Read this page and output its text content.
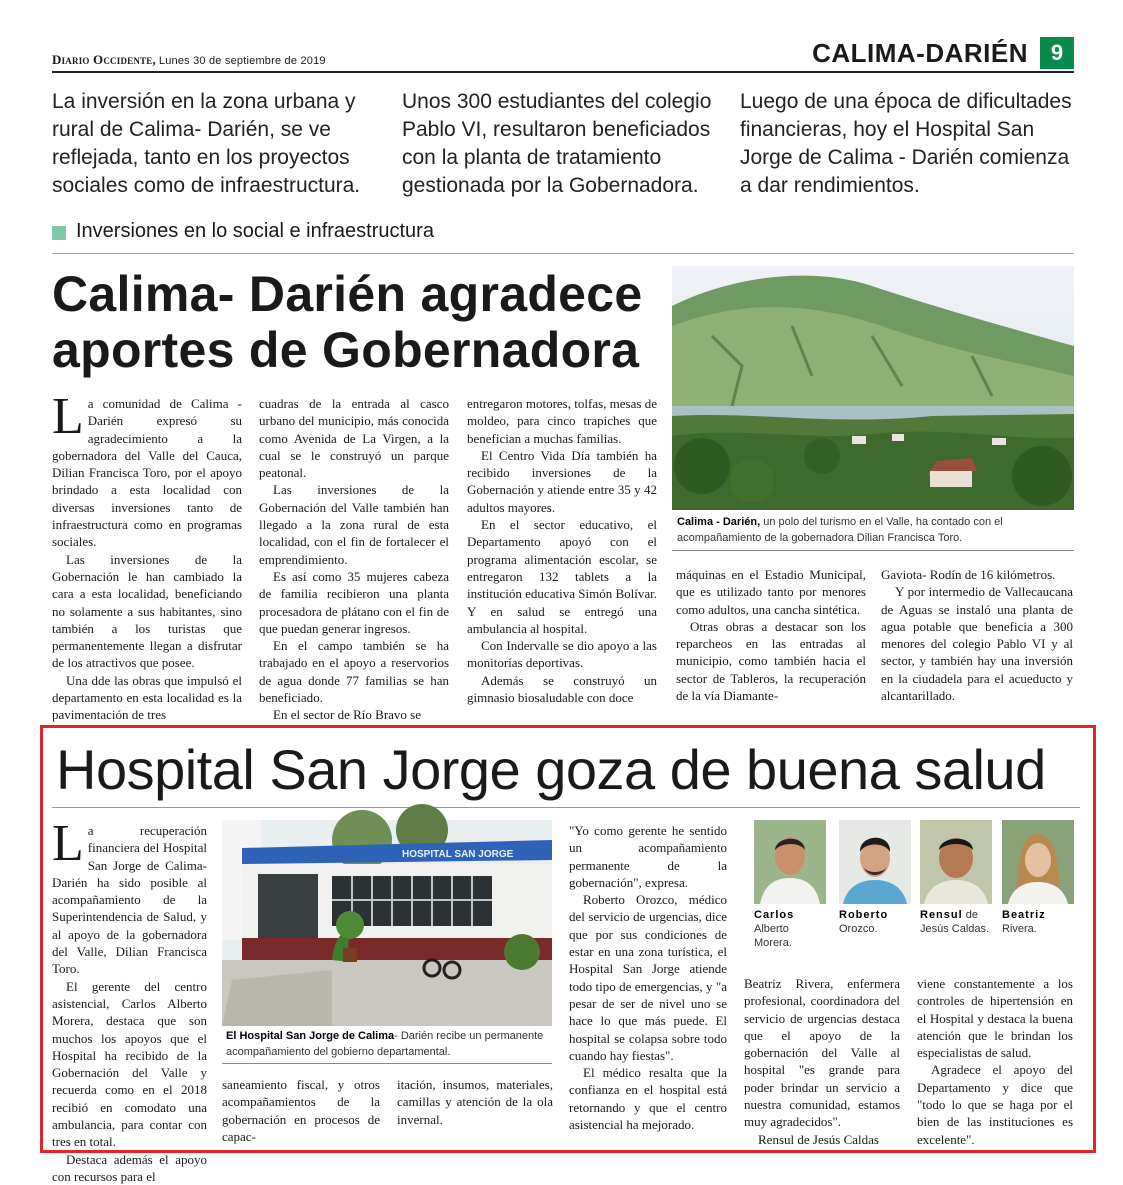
Diario Occidente, Lunes 30 de septiembre de 2019	CALIMA-DARIÉN	9
La inversión en la zona urbana y rural de Calima- Darién, se ve reflejada, tanto en los proyectos sociales como de infraestructura.
Unos 300 estudiantes del colegio Pablo VI, resultaron beneficiados con la planta de tratamiento gestionada por la Gobernadora.
Luego de una época de dificultades financieras, hoy el Hospital San Jorge de Calima - Darién comienza a dar rendimientos.
Inversiones en lo social e infraestructura
Calima- Darién agradece aportes de Gobernadora
Calima - Darién, un polo del turismo en el Valle, ha contado con el acompañamiento de la gobernadora Dilian Francisca Toro.

La comunidad de Calima - Darién expresó su agradecimiento a la gobernadora del Valle del Cauca, Dilian Francisca Toro, por el apoyo brindado a esta localidad con diversas inversiones tanto de infraestructura como en programas sociales.

Las inversiones de la Gobernación le han cambiado la cara a esta localidad, beneficiando no solamente a sus habitantes, sino también a los turistas que permanentemente llegan a disfrutar de los atractivos que posee.

Una dde las obras que impulsó el departamento en esta localidad es la pavimentación de tres

cuadras de la entrada al casco urbano del municipio, más conocida como Avenida de La Virgen, a la cual se le construyó un parque peatonal.

Las inversiones de la Gobernación del Valle también han llegado a la zona rural de esta localidad, con el fin de fortalecer el emprendimiento.

Es así como 35 mujeres cabeza de familia recibieron una planta procesadora de plátano con el fin de que puedan generar ingresos.

En el campo también se ha trabajado en el apoyo a reservorios de agua donde 77 familias se han beneficiado.

En el sector de Río Bravo se

entregaron motores, tolfas, mesas de moldeo, para cinco trapiches que benefician a muchas familias.

El Centro Vida Día también ha recibido inversiones de la Gobernación y atiende entre 35 y 42 adultos mayores.

En el sector educativo, el Departamento apoyó con el programa alimentación escolar, se entregaron 132 tablets a la institución educativa Simón Bolívar. Y en salud se entregó una ambulancia al hospital.

Con Indervalle se dio apoyo a las monitorías deportivas.

Además se construyó un gimnasio biosaludable con doce

máquinas en el Estadio Municipal, que es utilizado tanto por menores como adultos, una cancha sintética.

Otras obras a destacar son los reparcheos en las entradas al municipio, como también hacia el sector de Tableros, la recuperación de la vía Diamante-

Gaviota- Rodín de 16 kilómetros.

Y por intermedio de Vallecaucana de Aguas se instaló una planta de agua potable que beneficia a 300 menores del colegio Pablo VI y al sector, y también hay una inversión en la ciudadela para el acueducto y alcantarillado.

Hospital San Jorge goza de buena salud

La recuperación financiera del Hospital San Jorge de Calima- Darién ha sido posible al acompañamiento de la Superintendencia de Salud, y al apoyo de la gobernadora del Valle, Dilian Francisca Toro.

El gerente del centro asistencial, Carlos Alberto Morera, destaca que son muchos los apoyos que el Hospital ha recibido de la Gobernación del Valle y recuerda como en el 2018 recibió en comodato una ambulancia, para contar con tres en total.

Destaca además el apoyo con recursos para el

HOSPITAL SAN JORGE
El Hospital San Jorge de Calima- Darién recibe un permanente acompañamiento del gobierno departamental.

saneamiento fiscal, y otros acompañamientos de la gobernación en procesos de capac-

itación, insumos, materiales, camillas y atención de la ola invernal.

"Yo como gerente he sentido un acompañamiento permanente de la gobernación", expresa.

Roberto Orozco, médico del servicio de urgencias, dice que por sus condiciones de estar en una zona turística, el Hospital San Jorge atiende todo tipo de emergencias, y "a pesar de ser de nivel uno se hace lo que más puede. El hospital se colapsa sobre todo cuando hay fiestas".

El médico resalta que la confianza en el hospital está retornando y que el centro asistencial ha mejorado.

Carlos Alberto Morera.
Roberto Orozco.
Rensul de Jesús Caldas.
Beatriz Rivera.

Beatriz Rivera, enfermera profesional, coordinadora del servicio de urgencias destaca que el apoyo de la gobernación del Valle al hospital "es grande para poder brindar un servicio a nuestra comunidad, estamos muy agradecidos".

Rensul de Jesús Caldas

viene constantemente a los controles de hipertensión en el Hospital y destaca la buena atención que le brindan los especialistas de salud.

Agradece el apoyo del Departamento y dice que "todo lo que se haga por el bien de las instituciones es excelente".
